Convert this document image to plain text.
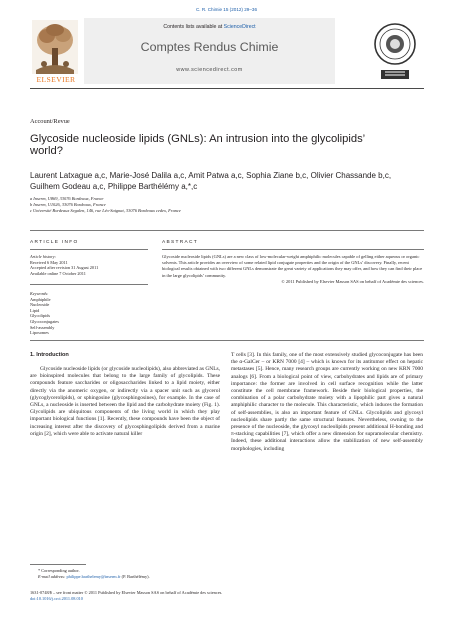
C. R. Chimie 15 (2012) 29–36
Contents lists available at ScienceDirect
Comptes Rendus Chimie
www.sciencedirect.com
ELSEVIER
Account/Revue
Glycoside nucleoside lipids (GNLs): An intrusion into the glycolipids’
world?
Laurent Latxague a,c, Marie-José Dalila a,c, Amit Patwa a,c, Sophia Ziane b,c, Olivier Chassande b,c,
Guilhem Godeau a,c, Philippe Barthélémy a,*,c
a Inserm, U869, 33076 Bordeaux, France
b Inserm, U1026, 33076 Bordeaux, France
c Université Bordeaux Segalen, 146, rue Léo-Saignat, 33076 Bordeaux cedex, France
ARTICLE INFO	ABSTRACT
Article history:
Received 6 May 2011
Accepted after revision 31 August 2011
Available online 7 October 2011
Keywords:
Amphiphile
Nucleoside
Lipid
Glycolipids
Glycoconjugates
Self-assembly
Liposomes
Glycoside nucleoside lipids (GNLs) are a new class of low-molecular-weight amphiphilic molecules capable of gelling either aqueous or organic solvents. This article provides an overview of some related lipid conjugate properties and the origin of the GNLs’ discovery. Finally, recent biological results obtained with two different GNLs demonstrate the great variety of applications they may offer, and how they can find their place in the large glycolipids’ community.
© 2011 Published by Elsevier Masson SAS on behalf of Académie des sciences.
1. Introduction

Glycoside nucleoside lipids (or glycoside nucleolipids), also abbreviated as GNLs, are bioinspired molecules that belong to the large family of glycolipids. These compounds feature saccharides or oligosaccharides linked to a lipid moiety, either directly via the anomeric oxygen, or indirectly via a spacer unit such as glycerol (glycoglycerolipids), or sphingosine (glycosphingosines), for example. In the case of GNLs, a nucleoside is inserted between the lipid and the carbohydrate moiety (Fig. 1). Glycolipids are ubiquitous components of the living world in which they play important biological functions [1]. Recently, these compounds have been the object of increasing interest after the discovery of glycosphingolipids derived from a marine origin [2], which were able to activate natural killer

T cells [3]. In this family, one of the most extensively studied glycoconjugate has been the α-GalCer – or KRN 7000 [4] – which is known for its antitumor effect on hepatic metastases [5]. Hence, many research groups are currently working on new KRN 7000 analogs [6]. From a biological point of view, carbohydrates and lipids are of primary importance: the former are involved in cell surface recognition while the latter constitute the cell membrane framework. Beside their biological properties, the combination of a polar carbohydrate moiety with a lipophilic part gives a natural amphiphilic character to the molecule. This characteristic, which induces the formation of self-assemblies, is also an important feature of GNLs. Glycolipids and glycosyl nucleolipids share partly the same structural features. Nevertheless, owning to the presence of the nucleoside, the glycosyl nucleolipids present additional H-bonding and π-stacking capabilities [7], which offer a new dimension for supramolecular chemistry. Indeed, these additional interactions allow the stabilization of new self-assembly morphologies, including

* Corresponding author.
E-mail address: philippe.barthelemy@inserm.fr (P. Barthélémy).
1631-0748/$ – see front matter © 2011 Published by Elsevier Masson SAS on behalf of Académie des sciences.
doi:10.1016/j.crci.2011.08.010
